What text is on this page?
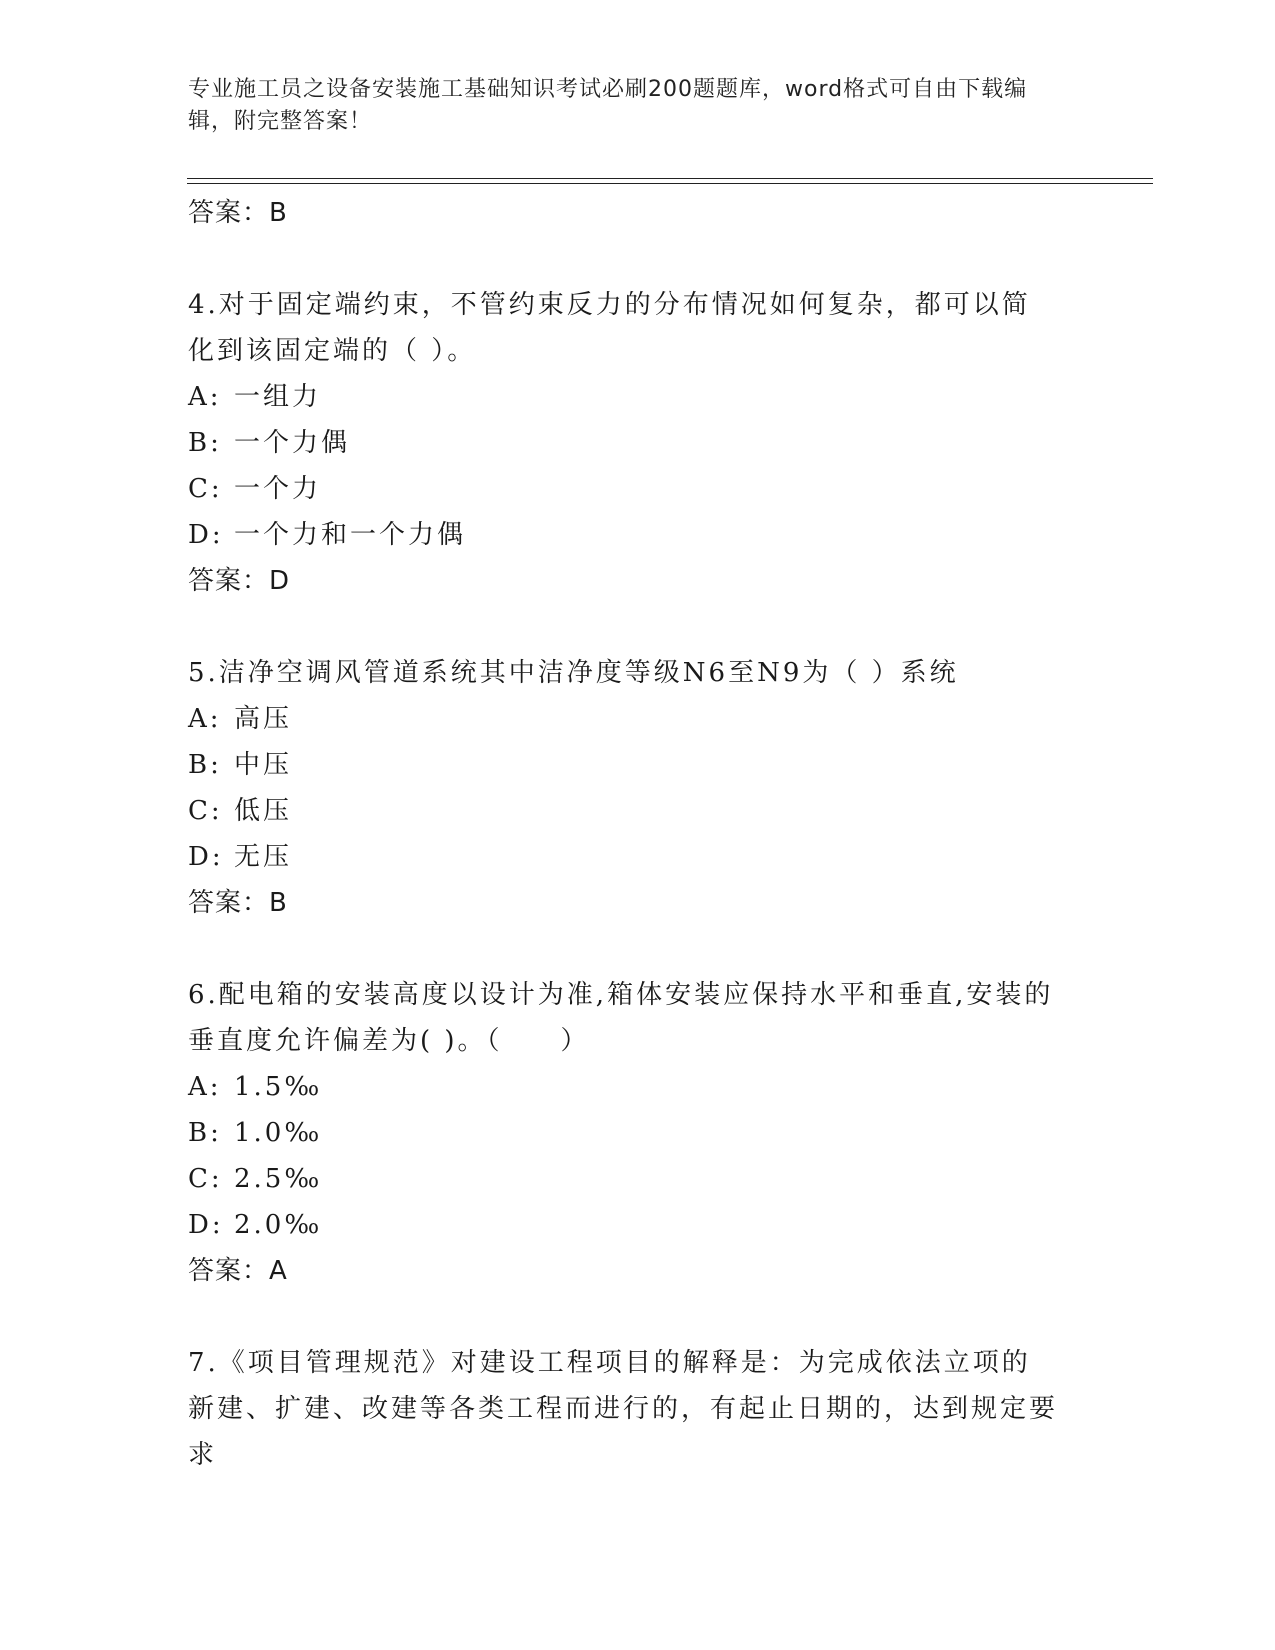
专业施工员之设备安装施工基础知识考试必刷200题题库，word格式可自由下载编辑，附完整答案！
答案：B
4.对于固定端约束，不管约束反力的分布情况如何复杂，都可以简化到该固定端的（ ）。
A: 一组力
B: 一个力偶
C: 一个力
D: 一个力和一个力偶
答案：D
5.洁净空调风管道系统其中洁净度等级N6至N9为（ ）系统
A: 高压
B: 中压
C: 低压
D: 无压
答案：B
6.配电箱的安装高度以设计为准,箱体安装应保持水平和垂直,安装的垂直度允许偏差为( )。（　　）
A: 1.5‰
B: 1.0‰
C: 2.5‰
D: 2.0‰
答案：A
7.《项目管理规范》对建设工程项目的解释是：为完成依法立项的新建、扩建、改建等各类工程而进行的，有起止日期的，达到规定要求
